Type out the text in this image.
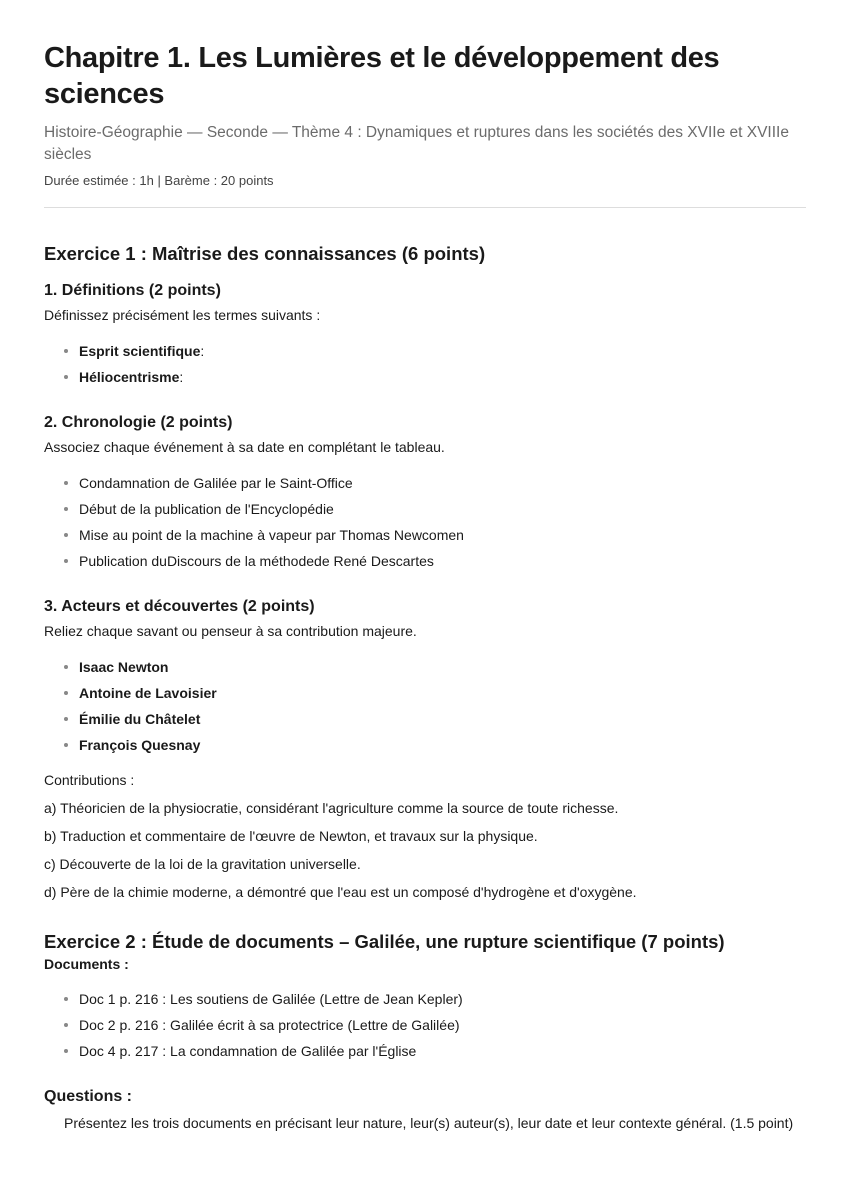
Chapitre 1. Les Lumières et le développement des sciences
Histoire-Géographie — Seconde — Thème 4 : Dynamiques et ruptures dans les sociétés des XVIIe et XVIIIe siècles
Durée estimée : 1h | Barème : 20 points
Exercice 1 : Maîtrise des connaissances (6 points)
1. Définitions (2 points)

Définissez précisément les termes suivants :

Esprit scientifique:
Héliocentrisme:
2. Chronologie (2 points)

Associez chaque événement à sa date en complétant le tableau.

Condamnation de Galilée par le Saint-Office
Début de la publication de l'Encyclopédie
Mise au point de la machine à vapeur par Thomas Newcomen
Publication duDiscours de la méthodede René Descartes
3. Acteurs et découvertes (2 points)

Reliez chaque savant ou penseur à sa contribution majeure.

Isaac Newton
Antoine de Lavoisier
Émilie du Châtelet
François Quesnay

Contributions :

a) Théoricien de la physiocratie, considérant l'agriculture comme la source de toute richesse.

b) Traduction et commentaire de l'œuvre de Newton, et travaux sur la physique.

c) Découverte de la loi de la gravitation universelle.

d) Père de la chimie moderne, a démontré que l'eau est un composé d'hydrogène et d'oxygène.

Exercice 2 : Étude de documents – Galilée, une rupture scientifique (7 points)
Documents :
Doc 1 p. 216 : Les soutiens de Galilée (Lettre de Jean Kepler)
Doc 2 p. 216 : Galilée écrit à sa protectrice (Lettre de Galilée)
Doc 4 p. 217 : La condamnation de Galilée par l'Église
Questions :
Présentez les trois documents en précisant leur nature, leur(s) auteur(s), leur date et leur contexte général. (1.5 point)
